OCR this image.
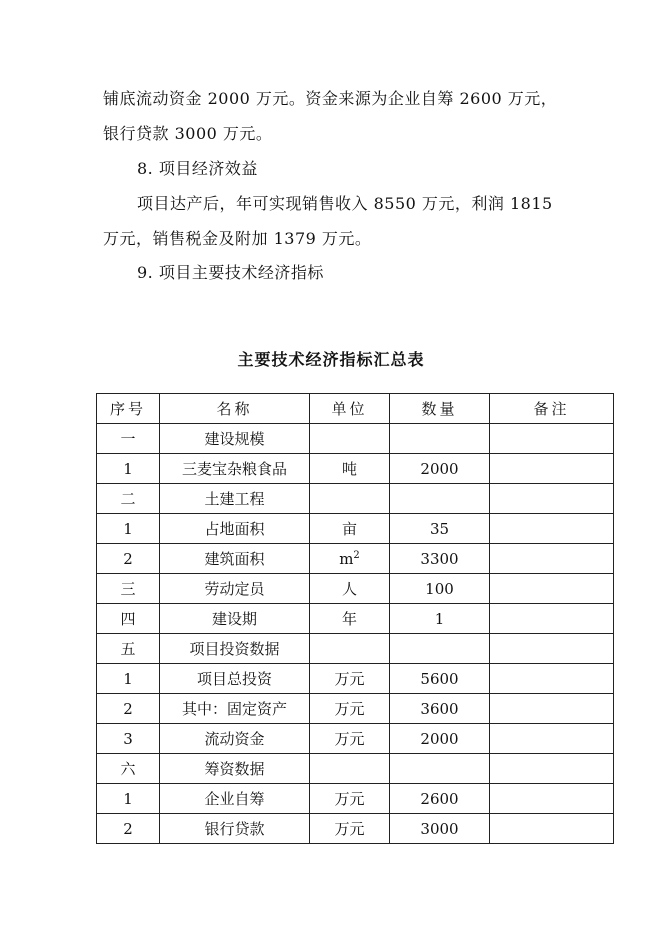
铺底流动资金 2000 万元。资金来源为企业自筹 2600 万元，
银行贷款 3000 万元。
8. 项目经济效益
项目达产后，年可实现销售收入 8550 万元，利润 1815
万元，销售税金及附加 1379 万元。
9. 项目主要技术经济指标
主要技术经济指标汇总表
序号	名称	单位	数量	备注
一	建设规模			
1	三麦宝杂粮食品	吨	2000	
二	土建工程			
1	占地面积	亩	35	
2	建筑面积	$m^2$	3300	
三	劳动定员	人	100	
四	建设期	年	1	
五	项目投资数据			
1	项目总投资	万元	5600	
2	其中：固定资产	万元	3600	
3	流动资金	万元	2000	
六	筹资数据			
1	企业自筹	万元	2600	
2	银行贷款	万元	3000	
